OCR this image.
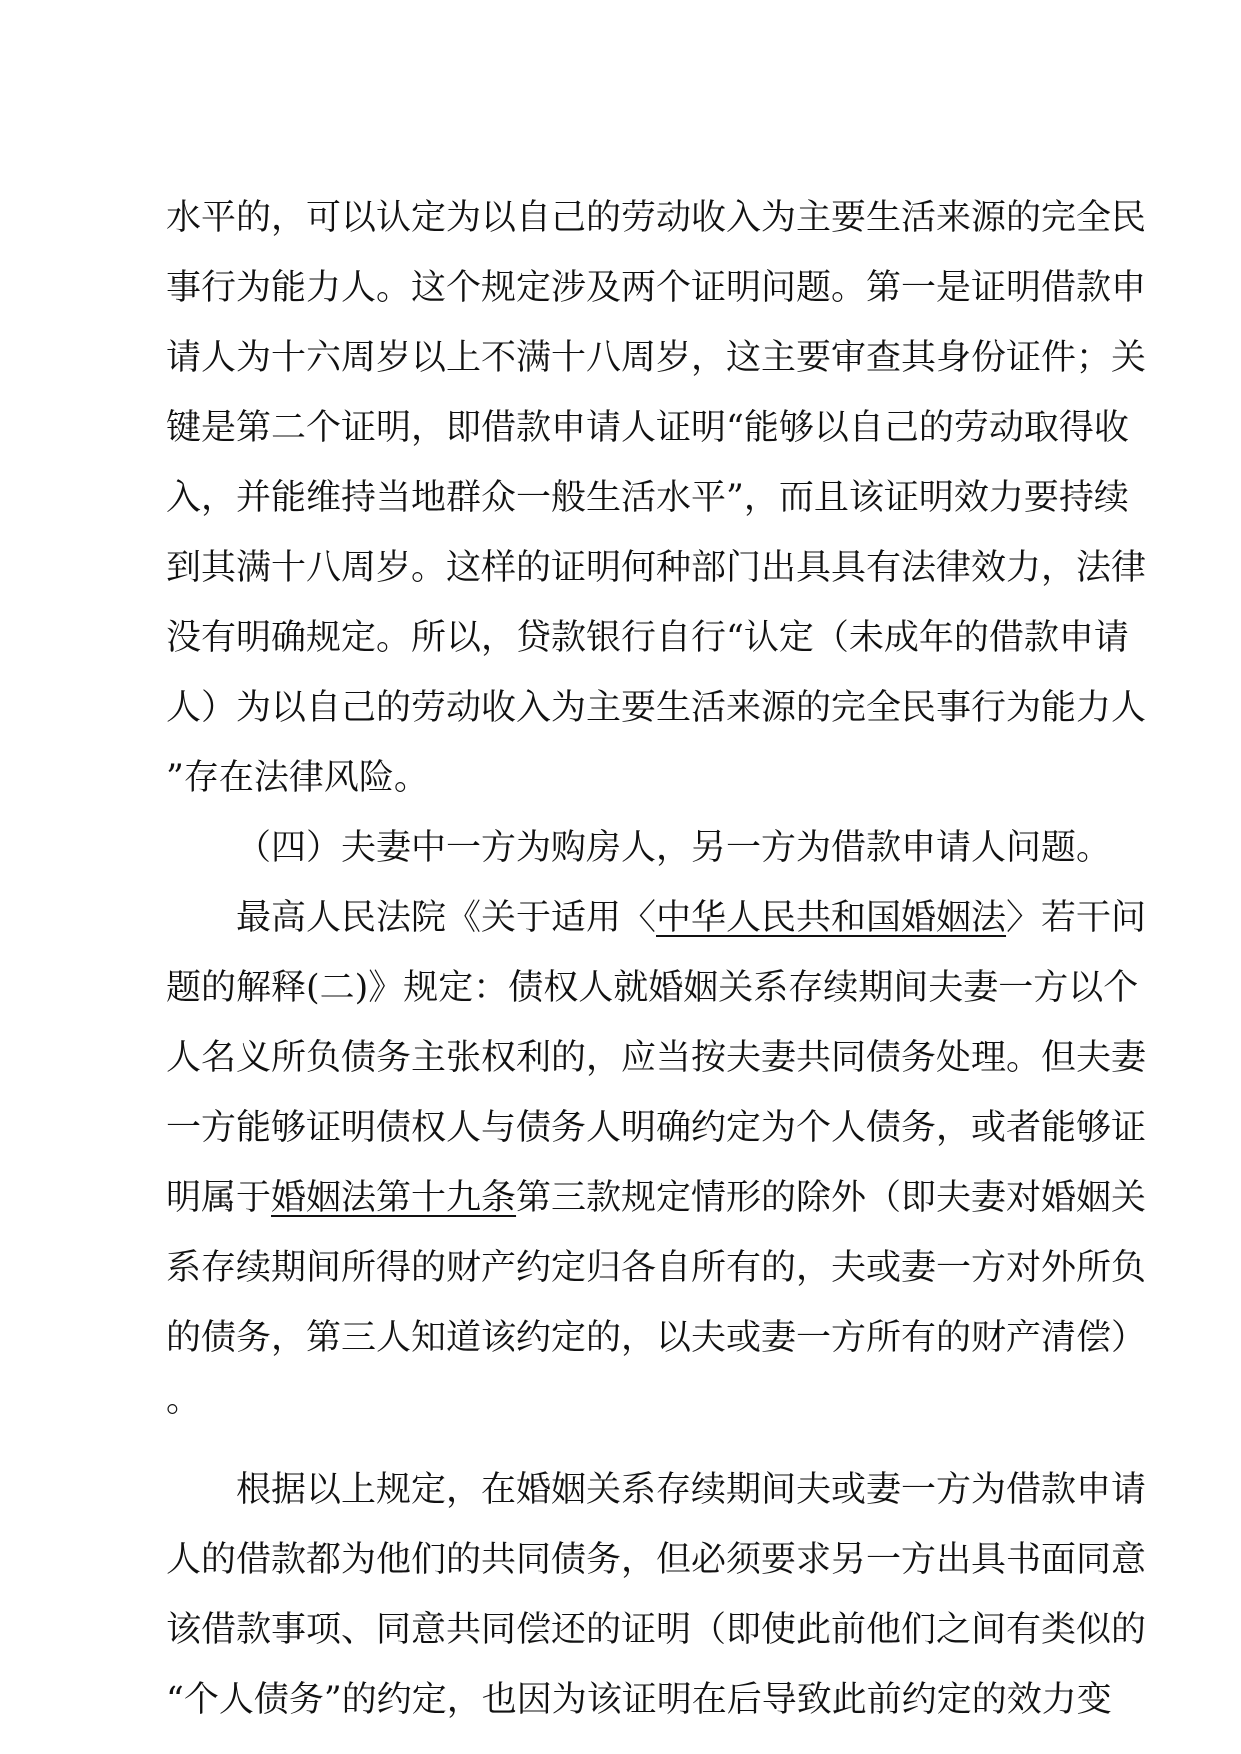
水平的，可以认定为以自己的劳动收入为主要生活来源的完全民
事行为能力人。这个规定涉及两个证明问题。第一是证明借款申
请人为十六周岁以上不满十八周岁，这主要审查其身份证件；关
键是第二个证明，即借款申请人证明“能够以自己的劳动取得收
入，并能维持当地群众一般生活水平”，而且该证明效力要持续
到其满十八周岁。这样的证明何种部门出具具有法律效力，法律
没有明确规定。所以，贷款银行自行“认定（未成年的借款申请
人）为以自己的劳动收入为主要生活来源的完全民事行为能力人
”存在法律风险。
（四）夫妻中一方为购房人，另一方为借款申请人问题。
最高人民法院《关于适用〈中华人民共和国婚姻法〉若干问
题的解释(二)》规定：债权人就婚姻关系存续期间夫妻一方以个
人名义所负债务主张权利的，应当按夫妻共同债务处理。但夫妻
一方能够证明债权人与债务人明确约定为个人债务，或者能够证
明属于婚姻法第十九条第三款规定情形的除外（即夫妻对婚姻关
系存续期间所得的财产约定归各自所有的，夫或妻一方对外所负
的债务，第三人知道该约定的，以夫或妻一方所有的财产清偿）
。
根据以上规定，在婚姻关系存续期间夫或妻一方为借款申请
人的借款都为他们的共同债务，但必须要求另一方出具书面同意
该借款事项、同意共同偿还的证明（即使此前他们之间有类似的
“个人债务”的约定，也因为该证明在后导致此前约定的效力变
